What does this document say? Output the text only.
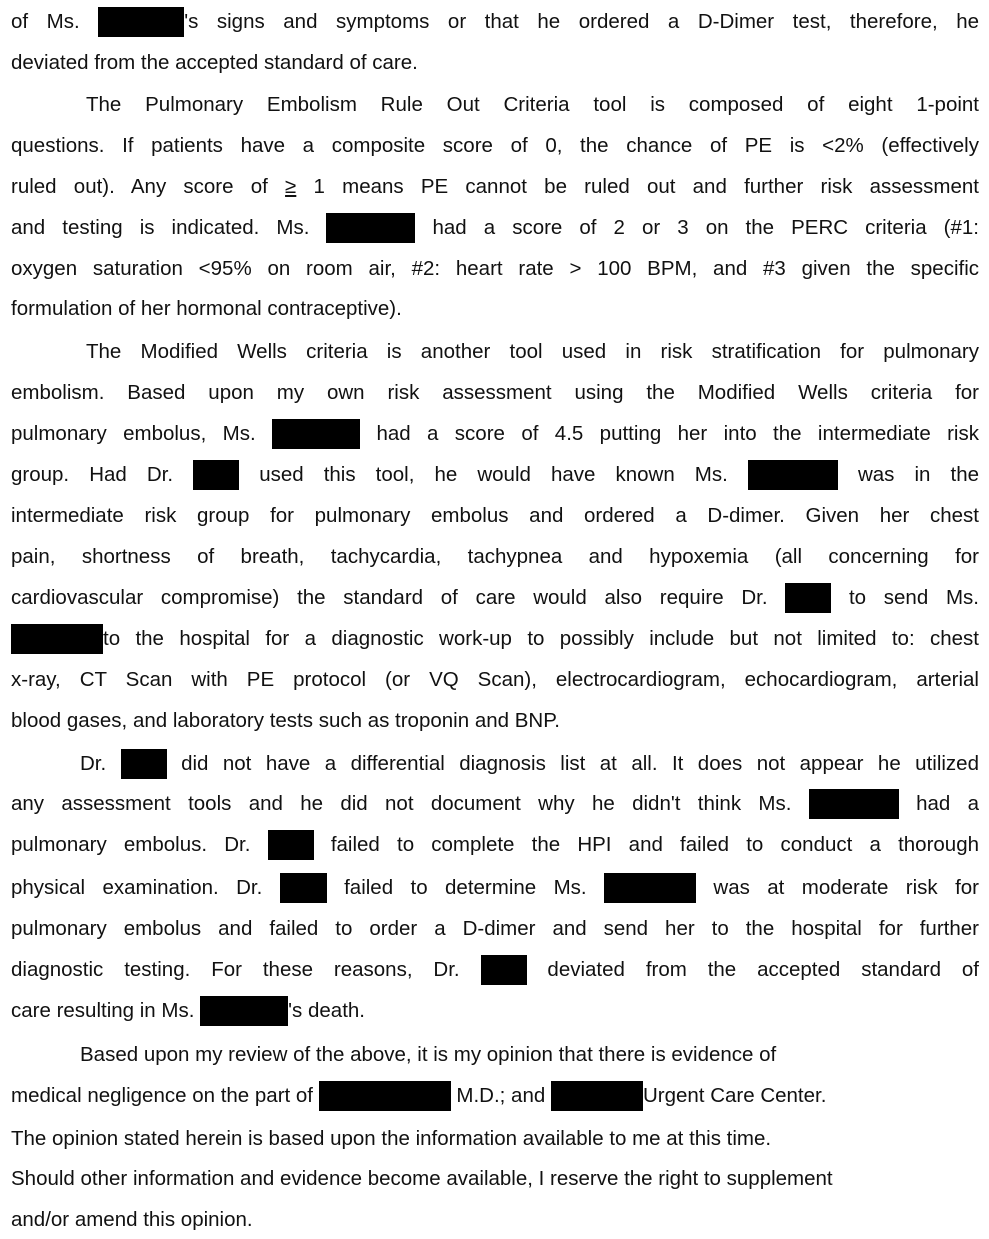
of Ms.	's signs and symptoms or that he ordered a D-Dimer test, therefore, he
deviated from the accepted standard of care.
The Pulmonary Embolism Rule Out Criteria tool is composed of eight 1-point
questions. If patients have a composite score of 0, the chance of PE is <2% (effectively
ruled out). Any score of ≥ 1 means PE cannot be ruled out and further risk assessment
and testing is indicated. Ms.	had a score of 2 or 3 on the PERC criteria (#1:
oxygen saturation <95% on room air, #2: heart rate > 100 BPM, and #3 given the specific
formulation of her hormonal contraceptive).
The Modified Wells criteria is another tool used in risk stratification for pulmonary
embolism. Based upon my own risk assessment using the Modified Wells criteria for
pulmonary embolus, Ms.	had a score of 4.5 putting her into the intermediate risk
group. Had Dr.  used this tool, he would have known Ms.	was in the
intermediate risk group for pulmonary embolus and ordered a D-dimer. Given her chest
pain, shortness of breath, tachycardia, tachypnea and hypoxemia (all concerning for
cardiovascular compromise) the standard of care would also require Dr.  to send Ms.
to the hospital for a diagnostic work-up to possibly include but not limited to: chest
x-ray, CT Scan with PE protocol (or VQ Scan), electrocardiogram, echocardiogram, arterial
blood gases, and laboratory tests such as troponin and BNP.
Dr.  did not have a differential diagnosis list at all. It does not appear he utilized
any assessment tools and he did not document why he didn't think Ms.	had a
pulmonary embolus. Dr.  failed to complete the HPI and failed to conduct a thorough
physical examination. Dr.  failed to determine Ms.	was at moderate risk for
pulmonary embolus and failed to order a D-dimer and send her to the hospital for further
diagnostic testing. For these reasons, Dr.  deviated from the accepted standard of
care resulting in Ms.	's death.
Based upon my review of the above, it is my opinion that there is evidence of
medical negligence on the part of	M.D.; and	Urgent Care Center.
The opinion stated herein is based upon the information available to me at this time.
Should other information and evidence become available, I reserve the right to supplement
and/or amend this opinion.
